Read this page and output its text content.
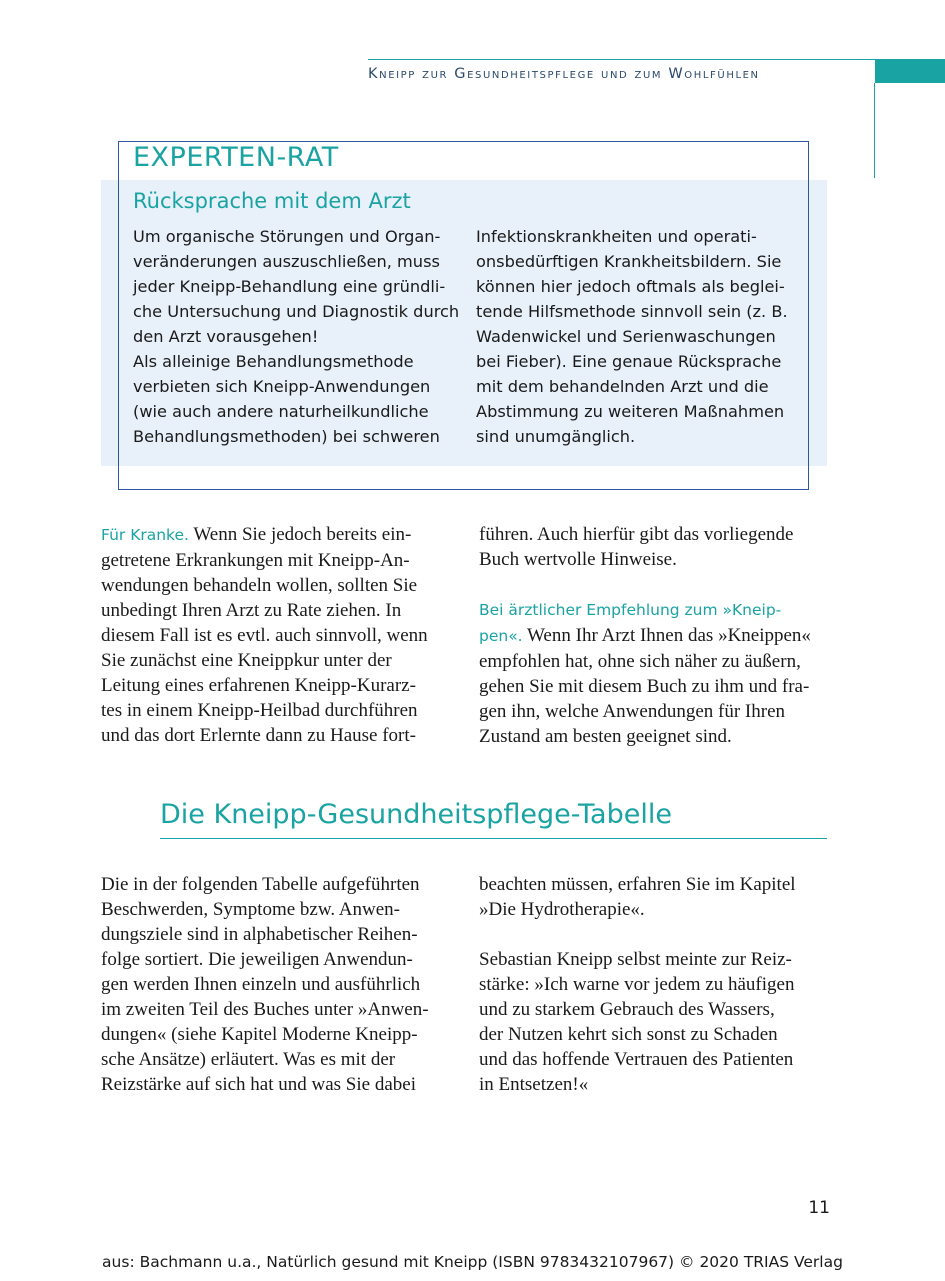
Kneipp zur Gesundheitspflege und zum Wohlfühlen
EXPERTEN-RAT
Rücksprache mit dem Arzt
Um organische Störungen und Organ-
veränderungen auszuschließen, muss
jeder Kneipp-Behandlung eine gründli-
che Untersuchung und Diagnostik durch
den Arzt vorausgehen!
Als alleinige Behandlungsmethode
verbieten sich Kneipp-Anwendungen
(wie auch andere naturheilkundliche
Behandlungsmethoden) bei schweren
Infektionskrankheiten und operati-
onsbedürftigen Krankheitsbildern. Sie
können hier jedoch oftmals als beglei-
tende Hilfsmethode sinnvoll sein (z. B.
Wadenwickel und Serienwaschungen
bei Fieber). Eine genaue Rücksprache
mit dem behandelnden Arzt und die
Abstimmung zu weiteren Maßnahmen
sind unumgänglich.
Für Kranke. Wenn Sie jedoch bereits ein-
getretene Erkrankungen mit Kneipp-An-
wendungen behandeln wollen, sollten Sie
unbedingt Ihren Arzt zu Rate ziehen. In
diesem Fall ist es evtl. auch sinnvoll, wenn
Sie zunächst eine Kneippkur unter der
Leitung eines erfahrenen Kneipp-Kurarz-
tes in einem Kneipp-Heilbad durchführen
und das dort Erlernte dann zu Hause fort-
führen. Auch hierfür gibt das vorliegende
Buch wertvolle Hinweise.
Bei ärztlicher Empfehlung zum »Kneip-
pen«. Wenn Ihr Arzt Ihnen das »Kneippen«
empfohlen hat, ohne sich näher zu äußern,
gehen Sie mit diesem Buch zu ihm und fra-
gen ihn, welche Anwendungen für Ihren
Zustand am besten geeignet sind.
Die Kneipp-Gesundheitspflege-Tabelle
Die in der folgenden Tabelle aufgeführten
Beschwerden, Symptome bzw. Anwen-
dungsziele sind in alphabetischer Reihen-
folge sortiert. Die jeweiligen Anwendun-
gen werden Ihnen einzeln und ausführlich
im zweiten Teil des Buches unter »Anwen-
dungen« (siehe Kapitel Moderne Kneipp-
sche Ansätze) erläutert. Was es mit der
Reizstärke auf sich hat und was Sie dabei
beachten müssen, erfahren Sie im Kapitel
»Die Hydrotherapie«.
Sebastian Kneipp selbst meinte zur Reiz-
stärke: »Ich warne vor jedem zu häufigen
und zu starkem Gebrauch des Wassers,
der Nutzen kehrt sich sonst zu Schaden
und das hoffende Vertrauen des Patienten
in Entsetzen!«
11
aus: Bachmann u.a., Natürlich gesund mit Kneipp (ISBN 9783432107967) © 2020 TRIAS Verlag
